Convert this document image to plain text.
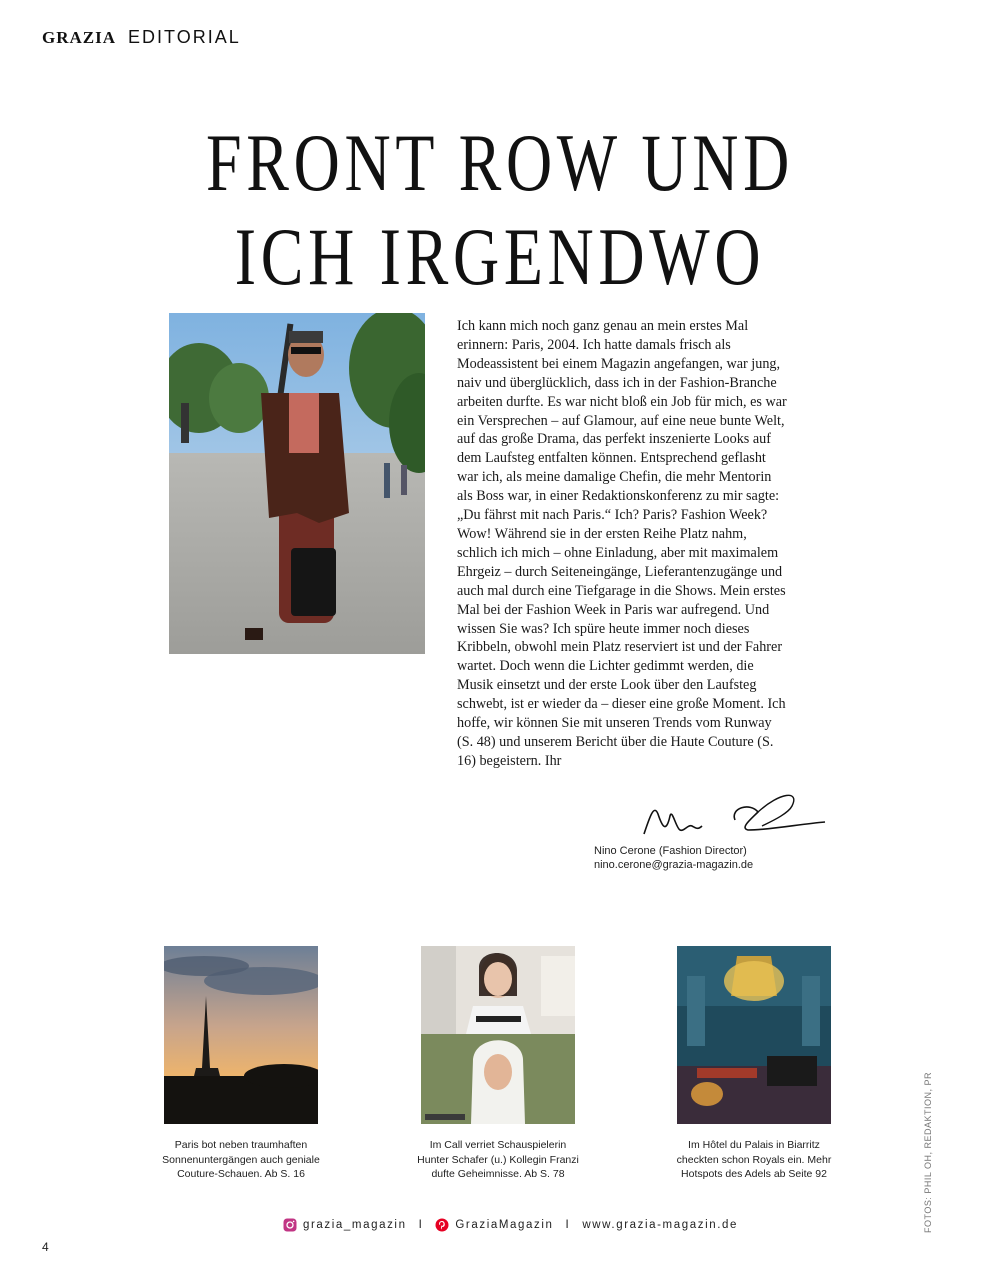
GRAZIA EDITORIAL
FRONT ROW UND
ICH IRGENDWO

Ich kann mich noch ganz genau an mein erstes Mal erinnern: Paris, 2004. Ich hatte damals frisch als Modeassistent bei einem Magazin angefangen, war jung, naiv und überglücklich, dass ich in der Fashion-Branche arbeiten durfte. Es war nicht bloß ein Job für mich, es war ein Versprechen – auf Glamour, auf eine neue bunte Welt, auf das große Drama, das perfekt inszenierte Looks auf dem Laufsteg entfalten können. Entsprechend geflasht war ich, als meine damalige Chefin, die mehr Mentorin als Boss war, in einer Redaktionskonferenz zu mir sagte: „Du fährst mit nach Paris.“ Ich? Paris? Fashion Week? Wow! Während sie in der ersten Reihe Platz nahm, schlich ich mich – ohne Einladung, aber mit maximalem Ehrgeiz – durch Seiteneingänge, Lieferantenzugänge und auch mal durch eine Tiefgarage in die Shows. Mein erstes Mal bei der Fashion Week in Paris war aufregend. Und wissen Sie was? Ich spüre heute immer noch dieses Kribbeln, obwohl mein Platz reserviert ist und der Fahrer wartet. Doch wenn die Lichter gedimmt werden, die Musik einsetzt und der erste Look über den Laufsteg schwebt, ist er wieder da – dieser eine große Moment. Ich hoffe, wir können Sie mit unseren Trends vom Runway (S. 48) und unserem Bericht über die Haute Couture (S. 16) begeistern. Ihr

Nino Cerone (Fashion Director)
nino.cerone@grazia-magazin.de
Paris bot neben traumhaften
Sonnenuntergängen auch geniale
Couture-Schauen. Ab S. 16
Im Call verriet Schauspielerin
Hunter Schafer (u.) Kollegin Franzi
dufte Geheimnisse. Ab S. 78
Im Hôtel du Palais in Biarritz
checkten schon Royals ein. Mehr
Hotspots des Adels ab Seite 92
grazia_magazin I	GraziaMagazin I www.grazia-magazin.de
4
FOTOS: PHIL OH, REDAKTION, PR
